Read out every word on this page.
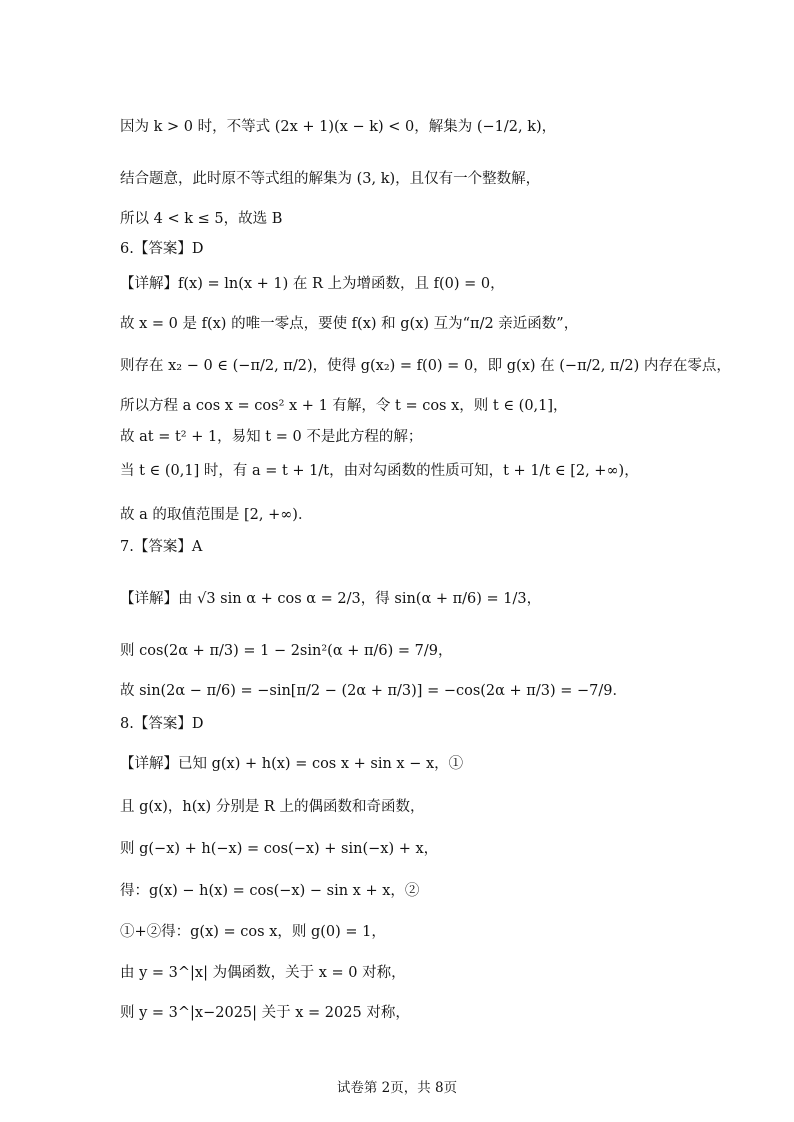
因为 k > 0 时，不等式 (2x + 1)(x − k) < 0，解集为 (−1/2, k)，
结合题意，此时原不等式组的解集为 (3, k)，且仅有一个整数解，
所以 4 < k ≤ 5，故选 B
6.【答案】D
【详解】f(x) = ln(x + 1) 在 R 上为增函数，且 f(0) = 0，
故 x = 0 是 f(x) 的唯一零点，要使 f(x) 和 g(x) 互为“π/2 亲近函数”，
则存在 x₂ − 0 ∈ (−π/2, π/2)，使得 g(x₂) = f(0) = 0，即 g(x) 在 (−π/2, π/2) 内存在零点，
所以方程 a cos x = cos² x + 1 有解，令 t = cos x，则 t ∈ (0,1]，
故 at = t² + 1，易知 t = 0 不是此方程的解；
当 t ∈ (0,1] 时，有 a = t + 1/t，由对勾函数的性质可知，t + 1/t ∈ [2, +∞)，
故 a 的取值范围是 [2, +∞)．
7.【答案】A
【详解】由 √3 sin α + cos α = 2/3，得 sin(α + π/6) = 1/3，
则 cos(2α + π/3) = 1 − 2sin²(α + π/6) = 7/9，
故 sin(2α − π/6) = −sin[π/2 − (2α + π/3)] = −cos(2α + π/3) = −7/9．
8.【答案】D
【详解】已知 g(x) + h(x) = cos x + sin x − x，①
且 g(x)，h(x) 分别是 R 上的偶函数和奇函数，
则 g(−x) + h(−x) = cos(−x) + sin(−x) + x，
得：g(x) − h(x) = cos(−x) − sin x + x，②
①+②得：g(x) = cos x，则 g(0) = 1，
由 y = 3^|x| 为偶函数，关于 x = 0 对称，
则 y = 3^|x−2025| 关于 x = 2025 对称，
试卷第 2页，共 8页
